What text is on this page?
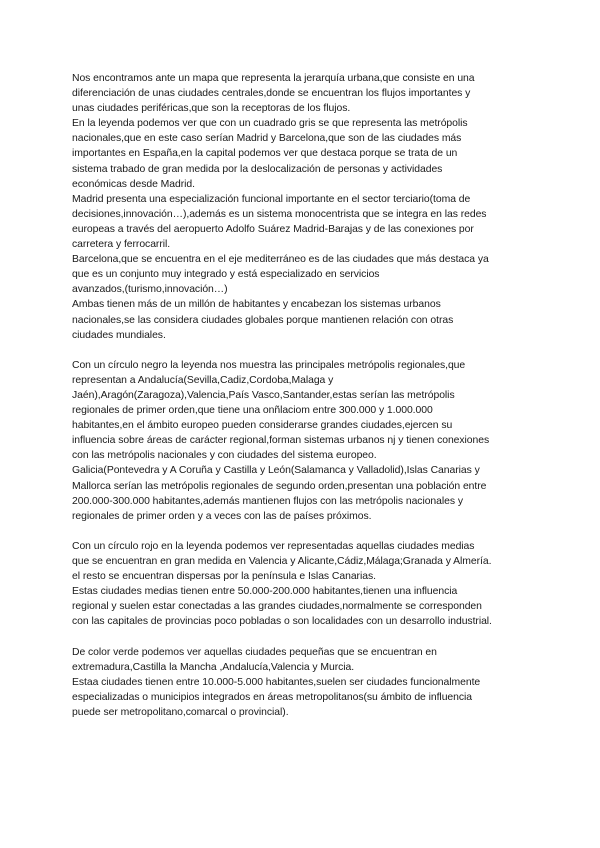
Nos encontramos ante un mapa que representa la jerarquía urbana,que consiste en una
diferenciación de unas ciudades centrales,donde se encuentran los flujos importantes y
unas ciudades periféricas,que son la receptoras de los flujos.
En la leyenda podemos ver que con un cuadrado gris se que representa las metrópolis
nacionales,que en este caso serían Madrid y Barcelona,que son de las ciudades más
importantes en España,en la capital podemos ver que destaca porque se trata de un
sistema trabado de gran medida por la deslocalización de personas y actividades
económicas desde Madrid.
Madrid presenta una especialización funcional importante en el sector terciario(toma de
decisiones,innovación…),además es un sistema monocentrista que se integra en las redes
europeas a través del aeropuerto Adolfo Suárez Madrid-Barajas y de las conexiones por
carretera y ferrocarril.
Barcelona,que se encuentra en el eje mediterráneo es de las ciudades que más destaca ya
que es un conjunto muy integrado y está especializado en servicios
avanzados,(turismo,innovación…)
Ambas tienen más de un millón de habitantes y encabezan los sistemas urbanos
nacionales,se las considera ciudades globales porque mantienen relación con otras
ciudades mundiales.
Con un círculo negro la leyenda nos muestra las principales metrópolis regionales,que
representan a Andalucía(Sevilla,Cadiz,Cordoba,Malaga y
Jaén),Aragón(Zaragoza),Valencia,País Vasco,Santander,estas serían las metrópolis
regionales de primer orden,que tiene una onñlaciom entre 300.000 y 1.000.000
habitantes,en el ámbito europeo pueden considerarse grandes ciudades,ejercen su
influencia sobre áreas de carácter regional,forman sistemas urbanos nj y tienen conexiones
con las metrópolis nacionales y con ciudades del sistema europeo.
Galicia(Pontevedra y A Coruña y Castilla y León(Salamanca y Valladolid),Islas Canarias y
Mallorca serían las metrópolis regionales de segundo orden,presentan una población entre
200.000-300.000 habitantes,además mantienen flujos con las metrópolis nacionales y
regionales de primer orden y a veces con las de países próximos.
Con un círculo rojo en la leyenda podemos ver representadas aquellas ciudades medias
que se encuentran en gran medida en Valencia y Alicante,Cádiz,Málaga;Granada y Almería.
el resto se encuentran dispersas por la península e Islas Canarias.
Estas ciudades medias tienen entre 50.000-200.000 habitantes,tienen una influencia
regional y suelen estar conectadas a las grandes ciudades,normalmente se corresponden
con las capitales de provincias poco pobladas o son localidades con un desarrollo industrial.
De color verde podemos ver aquellas ciudades pequeñas que se encuentran en
extremadura,Castilla la Mancha ,Andalucía,Valencia y Murcia.
Estaa ciudades tienen entre 10.000-5.000 habitantes,suelen ser ciudades funcionalmente
especializadas o municipios integrados en áreas metropolitanos(su ámbito de influencia
puede ser metropolitano,comarcal o provincial).
